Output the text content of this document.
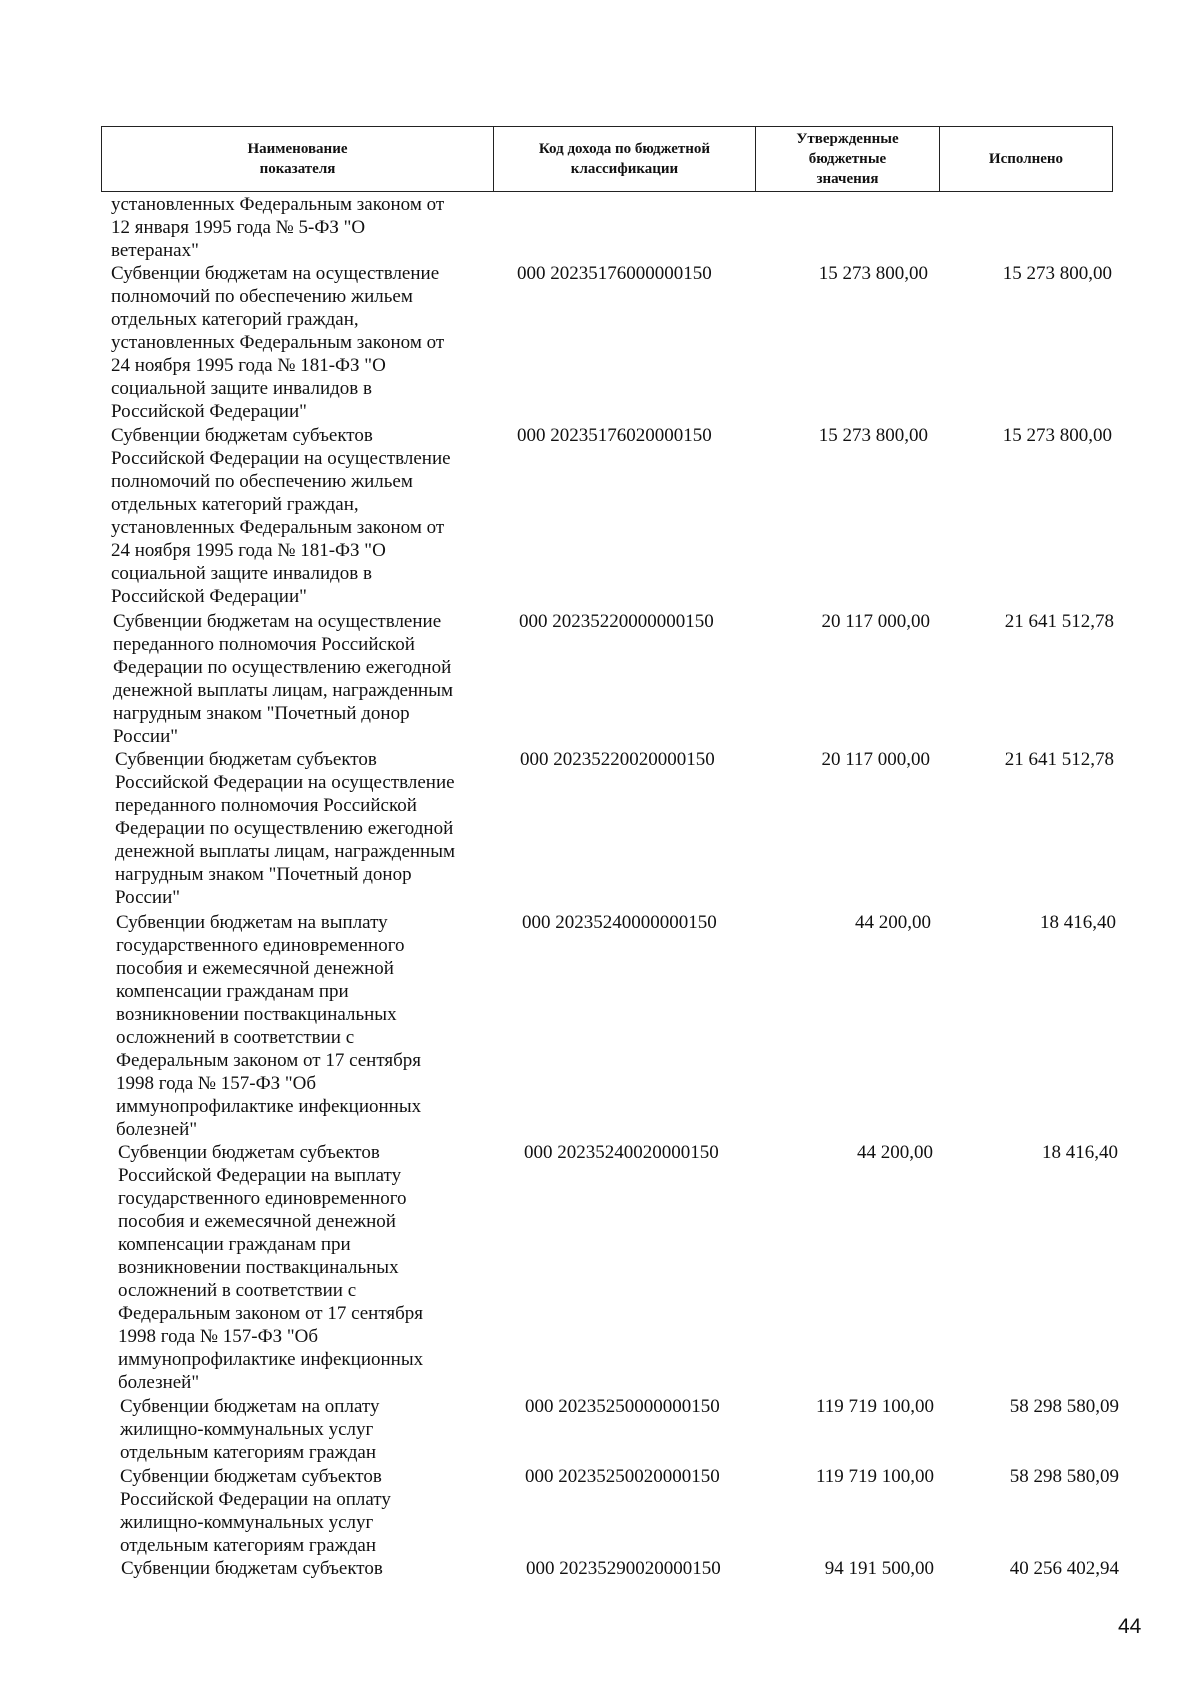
Наименование
показателя
Код дохода по бюджетной
классификации
Утвержденные
бюджетные
значения
Исполнено
установленных Федеральным законом от
12 января 1995 года № 5-ФЗ "О
ветеранах"
Субвенции бюджетам на осуществление
полномочий по обеспечению жильем
отдельных категорий граждан,
установленных Федеральным законом от
24 ноября 1995 года № 181-ФЗ "О
социальной защите инвалидов в
Российской Федерации"
000 20235176000000150	15 273 800,00	15 273 800,00
Субвенции бюджетам субъектов
Российской Федерации на осуществление
полномочий по обеспечению жильем
отдельных категорий граждан,
установленных Федеральным законом от
24 ноября 1995 года № 181-ФЗ "О
социальной защите инвалидов в
Российской Федерации"
000 20235176020000150	15 273 800,00	15 273 800,00
Субвенции бюджетам на осуществление
переданного полномочия Российской
Федерации по осуществлению ежегодной
денежной выплаты лицам, награжденным
нагрудным знаком "Почетный донор
России"
000 20235220000000150	20 117 000,00	21 641 512,78
Субвенции бюджетам субъектов
Российской Федерации на осуществление
переданного полномочия Российской
Федерации по осуществлению ежегодной
денежной выплаты лицам, награжденным
нагрудным знаком "Почетный донор
России"
000 20235220020000150	20 117 000,00	21 641 512,78
Субвенции бюджетам на выплату
государственного единовременного
пособия и ежемесячной денежной
компенсации гражданам при
возникновении поствакцинальных
осложнений в соответствии с
Федеральным законом от 17 сентября
1998 года № 157-ФЗ "Об
иммунопрофилактике инфекционных
болезней"
000 20235240000000150	44 200,00	18 416,40
Субвенции бюджетам субъектов
Российской Федерации на выплату
государственного единовременного
пособия и ежемесячной денежной
компенсации гражданам при
возникновении поствакцинальных
осложнений в соответствии с
Федеральным законом от 17 сентября
1998 года № 157-ФЗ "Об
иммунопрофилактике инфекционных
болезней"
000 20235240020000150	44 200,00	18 416,40
Субвенции бюджетам на оплату
жилищно-коммунальных услуг
отдельным категориям граждан
000 20235250000000150	119 719 100,00	58 298 580,09
Субвенции бюджетам субъектов
Российской Федерации на оплату
жилищно-коммунальных услуг
отдельным категориям граждан
000 20235250020000150	119 719 100,00	58 298 580,09
Субвенции бюджетам субъектов	000 20235290020000150	94 191 500,00	40 256 402,94
44
